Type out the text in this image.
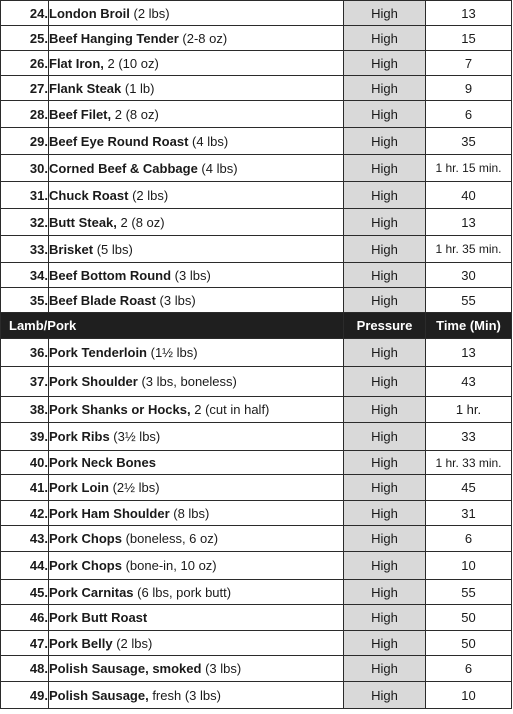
24.	London Broil (2 lbs)	High	13
25.	Beef Hanging Tender (2-8 oz)	High	15
26.	Flat Iron, 2 (10 oz)	High	7
27.	Flank Steak (1 lb)	High	9
28.	Beef Filet, 2 (8 oz)	High	6
29.	Beef Eye Round Roast (4 lbs)	High	35
30.	Corned Beef & Cabbage (4 lbs)	High	1 hr. 15 min.
31.	Chuck Roast (2 lbs)	High	40
32.	Butt Steak, 2 (8 oz)	High	13
33.	Brisket (5 lbs)	High	1 hr. 35 min.
34.	Beef Bottom Round (3 lbs)	High	30
35.	Beef Blade Roast (3 lbs)	High	55
Lamb/Pork		Pressure	Time (Min)
36.	Pork Tenderloin (1½ lbs)	High	13
37.	Pork Shoulder (3 lbs, boneless)	High	43
38.	Pork Shanks or Hocks, 2 (cut in half)	High	1 hr.
39.	Pork Ribs (3½ lbs)	High	33
40.	Pork Neck Bones	High	1 hr. 33 min.
41.	Pork Loin (2½ lbs)	High	45
42.	Pork Ham Shoulder (8 lbs)	High	31
43.	Pork Chops (boneless, 6 oz)	High	6
44.	Pork Chops (bone-in, 10 oz)	High	10
45.	Pork Carnitas (6 lbs, pork butt)	High	55
46.	Pork Butt Roast	High	50
47.	Pork Belly (2 lbs)	High	50
48.	Polish Sausage, smoked (3 lbs)	High	6
49.	Polish Sausage, fresh (3 lbs)	High	10
